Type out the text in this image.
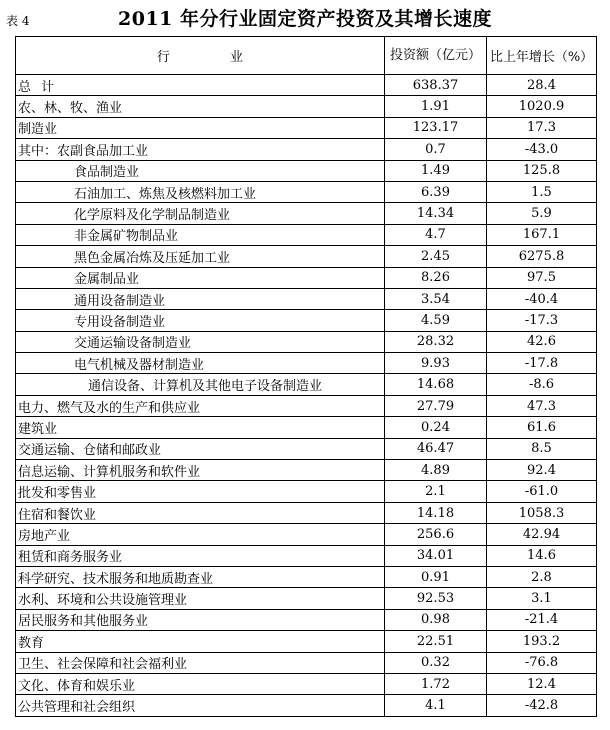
2011 年分行业固定资产投资及其增长速度
表 4
行 业	投资额（亿元）	比上年增长（%）
总 计	638.37	28.4
农、林、牧、渔业	1.91	1020.9
制造业	123.17	17.3
其中：农副食品加工业	0.7	-43.0
食品制造业	1.49	125.8
石油加工、炼焦及核燃料加工业	6.39	1.5
化学原料及化学制品制造业	14.34	5.9
非金属矿物制品业	4.7	167.1
黑色金属冶炼及压延加工业	2.45	6275.8
金属制品业	8.26	97.5
通用设备制造业	3.54	-40.4
专用设备制造业	4.59	-17.3
交通运输设备制造业	28.32	42.6
电气机械及器材制造业	9.93	-17.8
通信设备、计算机及其他电子设备制造业	14.68	-8.6
电力、燃气及水的生产和供应业	27.79	47.3
建筑业	0.24	61.6
交通运输、仓储和邮政业	46.47	8.5
信息运输、计算机服务和软件业	4.89	92.4
批发和零售业	2.1	-61.0
住宿和餐饮业	14.18	1058.3
房地产业	256.6	42.94
租赁和商务服务业	34.01	14.6
科学研究、技术服务和地质勘查业	0.91	2.8
水利、环境和公共设施管理业	92.53	3.1
居民服务和其他服务业	0.98	-21.4
教育	22.51	193.2
卫生、社会保障和社会福利业	0.32	-76.8
文化、体育和娱乐业	1.72	12.4
公共管理和社会组织	4.1	-42.8
